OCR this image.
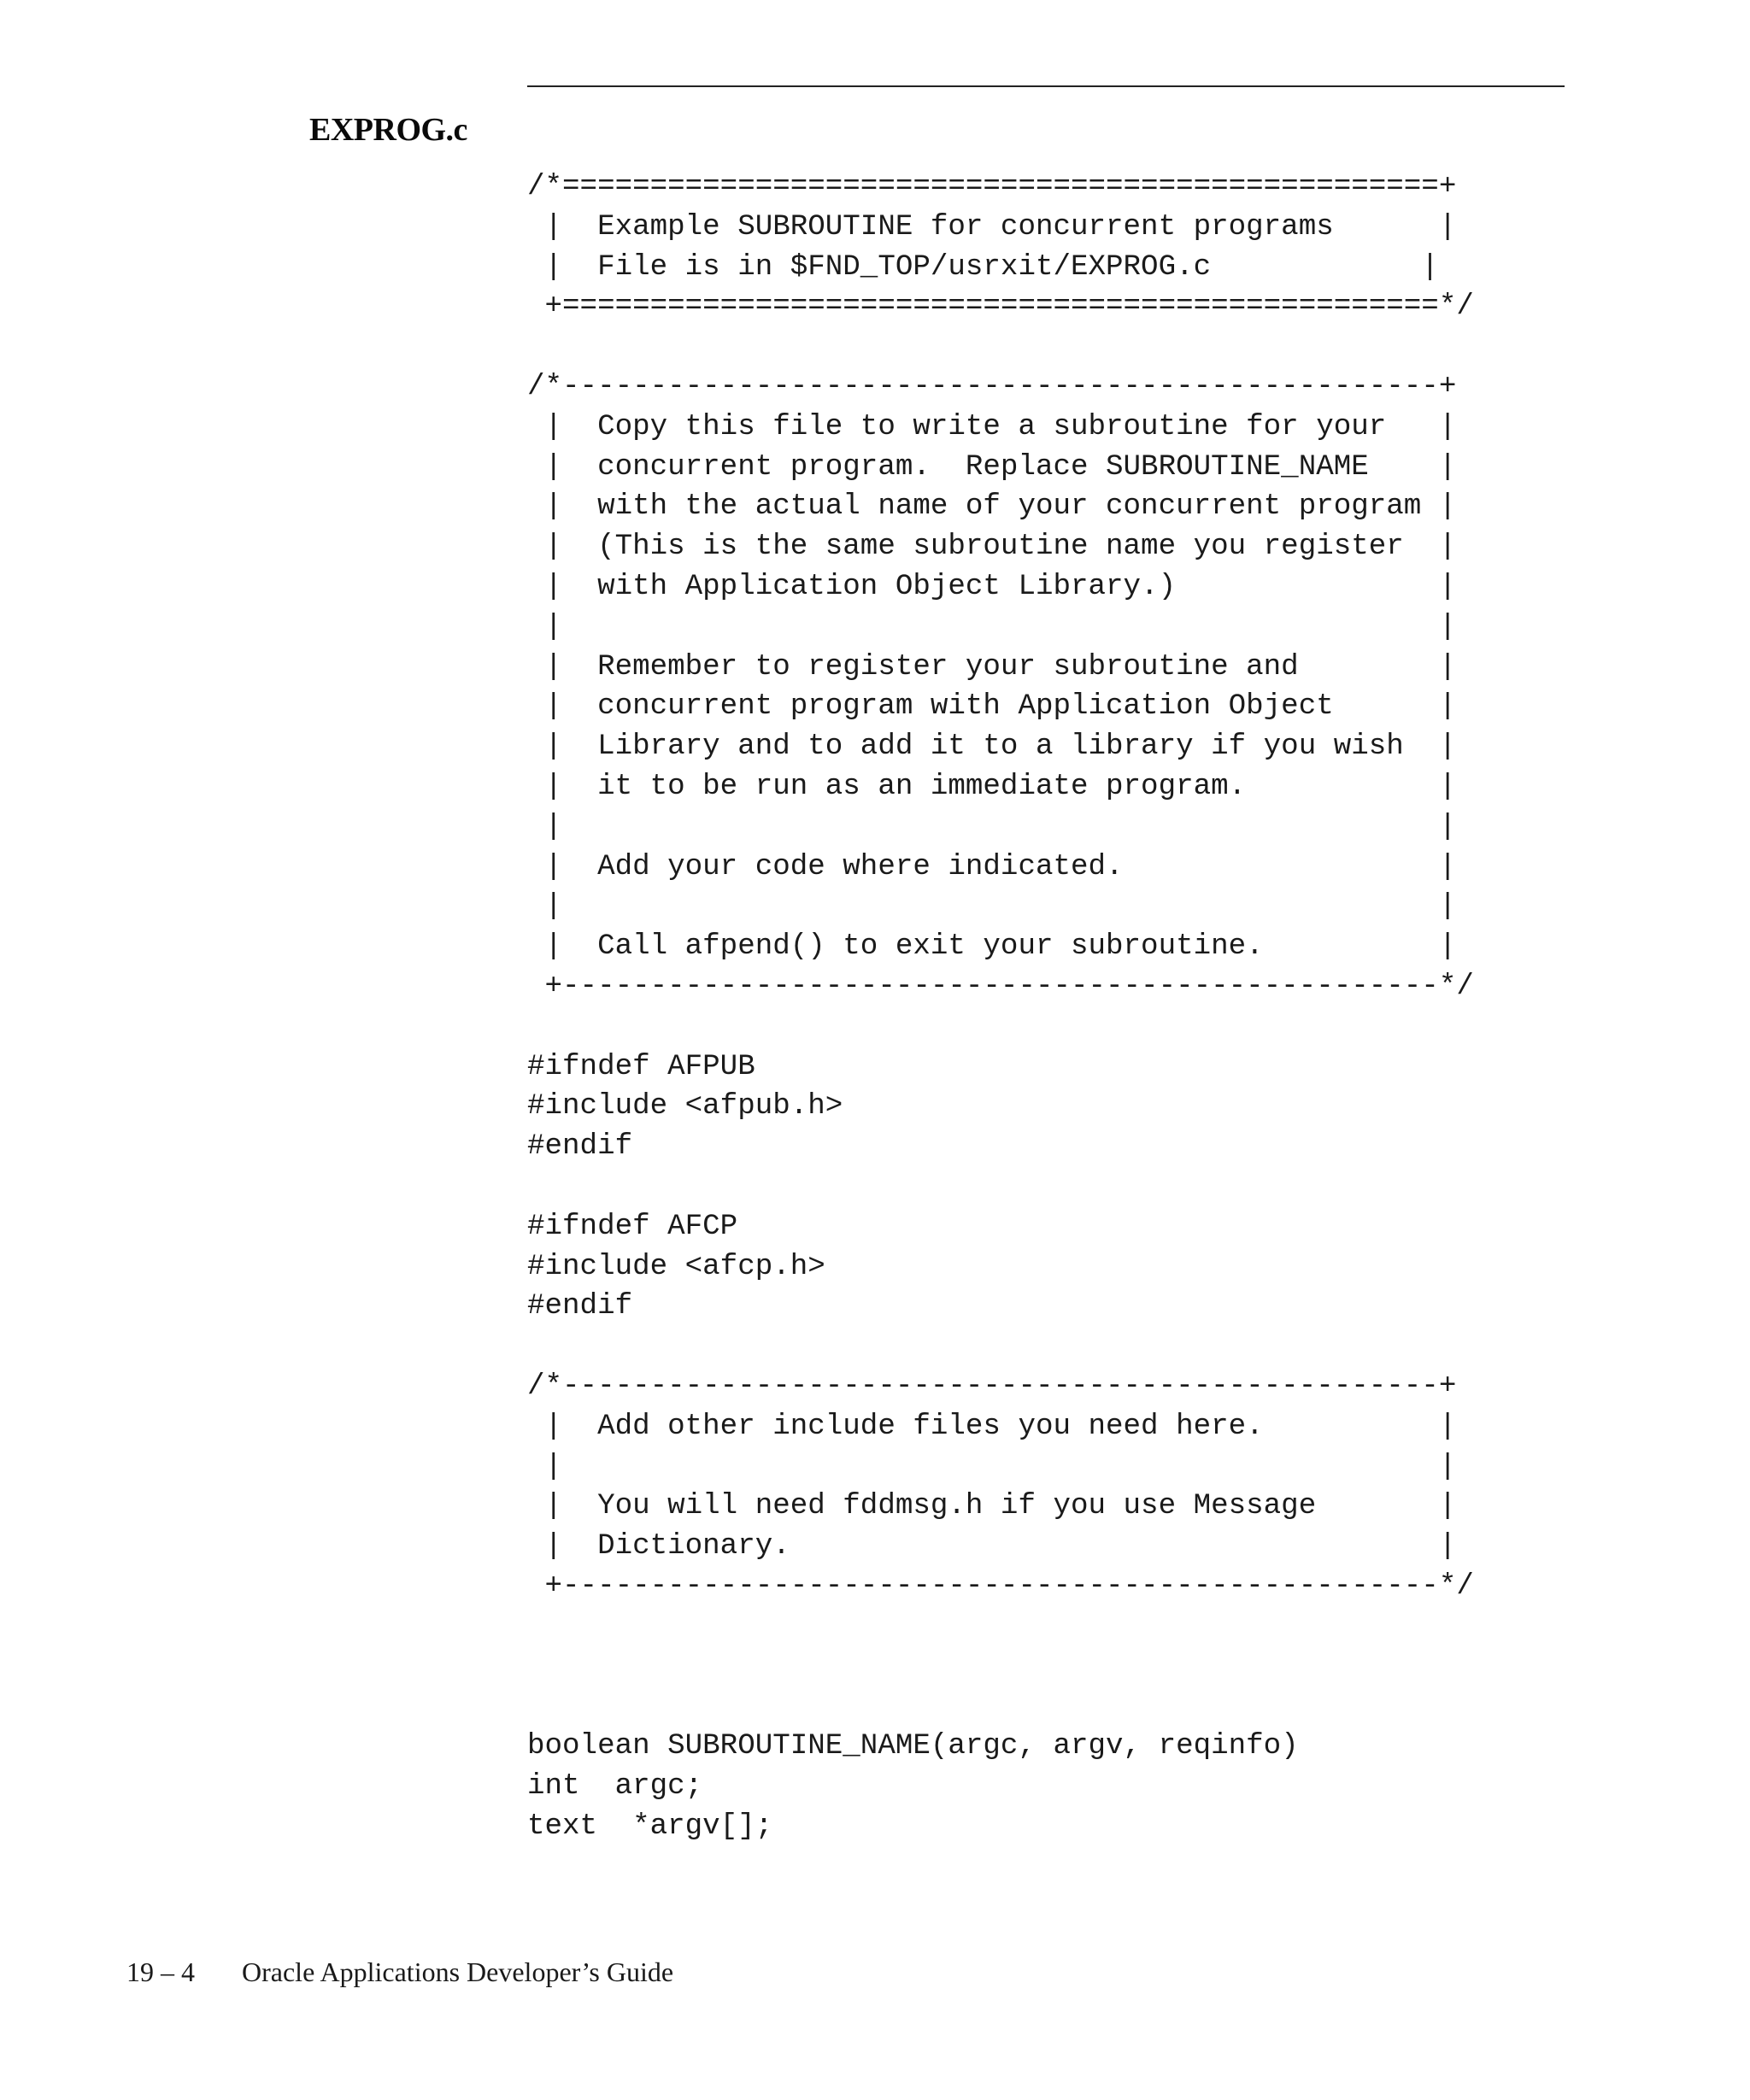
EXPROG.c
/*==================================================+
|  Example SUBROUTINE for concurrent programs      |
|  File is in $FND_TOP/usrxit/EXPROG.c            |
+==================================================*/
/*--------------------------------------------------+
|  Copy this file to write a subroutine for your   |
|  concurrent program.  Replace SUBROUTINE_NAME    |
|  with the actual name of your concurrent program |
|  (This is the same subroutine name you register  |
|  with Application Object Library.)               |
|                                                  |
|  Remember to register your subroutine and        |
|  concurrent program with Application Object      |
|  Library and to add it to a library if you wish  |
|  it to be run as an immediate program.           |
|                                                  |
|  Add your code where indicated.                  |
|                                                  |
|  Call afpend() to exit your subroutine.          |
+--------------------------------------------------*/
#ifndef AFPUB
#include <afpub.h>
#endif
#ifndef AFCP
#include <afcp.h>
#endif
/*--------------------------------------------------+
|  Add other include files you need here.          |
|                                                  |
|  You will need fddmsg.h if you use Message       |
|  Dictionary.                                     |
+--------------------------------------------------*/
boolean SUBROUTINE_NAME(argc, argv, reqinfo)
int  argc;
text  *argv[];
19 – 4 Oracle Applications Developer’s Guide
